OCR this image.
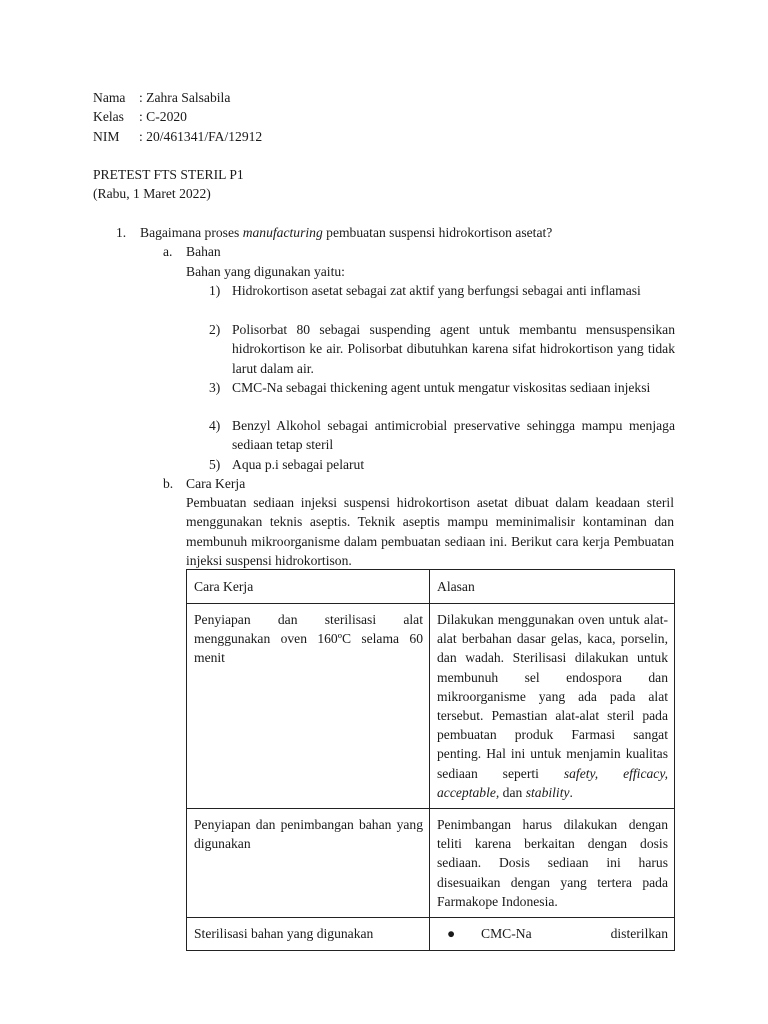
Nama : Zahra Salsabila
Kelas	: C-2020
NIM	: 20/461341/FA/12912
PRETEST FTS STERIL P1
(Rabu, 1 Maret 2022)
1. Bagaimana proses manufacturing pembuatan suspensi hidrokortison asetat?
a. Bahan
Bahan yang digunakan yaitu:
1) Hidrokortison asetat sebagai zat aktif yang berfungsi sebagai anti inflamasi
2) Polisorbat 80 sebagai suspending agent untuk membantu mensuspensikan hidrokortison ke air. Polisorbat dibutuhkan karena sifat hidrokortison yang tidak larut dalam air.
3) CMC-Na sebagai thickening agent untuk mengatur viskositas sediaan injeksi
4) Benzyl Alkohol sebagai antimicrobial preservative sehingga mampu menjaga sediaan tetap steril
5) Aqua p.i sebagai pelarut
b. Cara Kerja
Pembuatan sediaan injeksi suspensi hidrokortison asetat dibuat dalam keadaan steril menggunakan teknis aseptis. Teknik aseptis mampu meminimalisir kontaminan dan membunuh mikroorganisme dalam pembuatan sediaan ini. Berikut cara kerja Pembuatan injeksi suspensi hidrokortison.
Cara Kerja	Alasan
Penyiapan dan sterilisasi alat menggunakan oven 160ºC selama 60 menit	Dilakukan menggunakan oven untuk alat-alat berbahan dasar gelas, kaca, porselin, dan wadah. Sterilisasi dilakukan untuk membunuh sel endospora dan mikroorganisme yang ada pada alat tersebut. Pemastian alat-alat steril pada pembuatan produk Farmasi sangat penting. Hal ini untuk menjamin kualitas sediaan seperti safety, efficacy, acceptable, dan stability.
Penyiapan dan penimbangan bahan yang digunakan	Penimbangan harus dilakukan dengan teliti karena berkaitan dengan dosis sediaan. Dosis sediaan ini harus disesuaikan dengan yang tertera pada Farmakope Indonesia.
Sterilisasi bahan yang digunakan	● CMC-Na disterilkan
